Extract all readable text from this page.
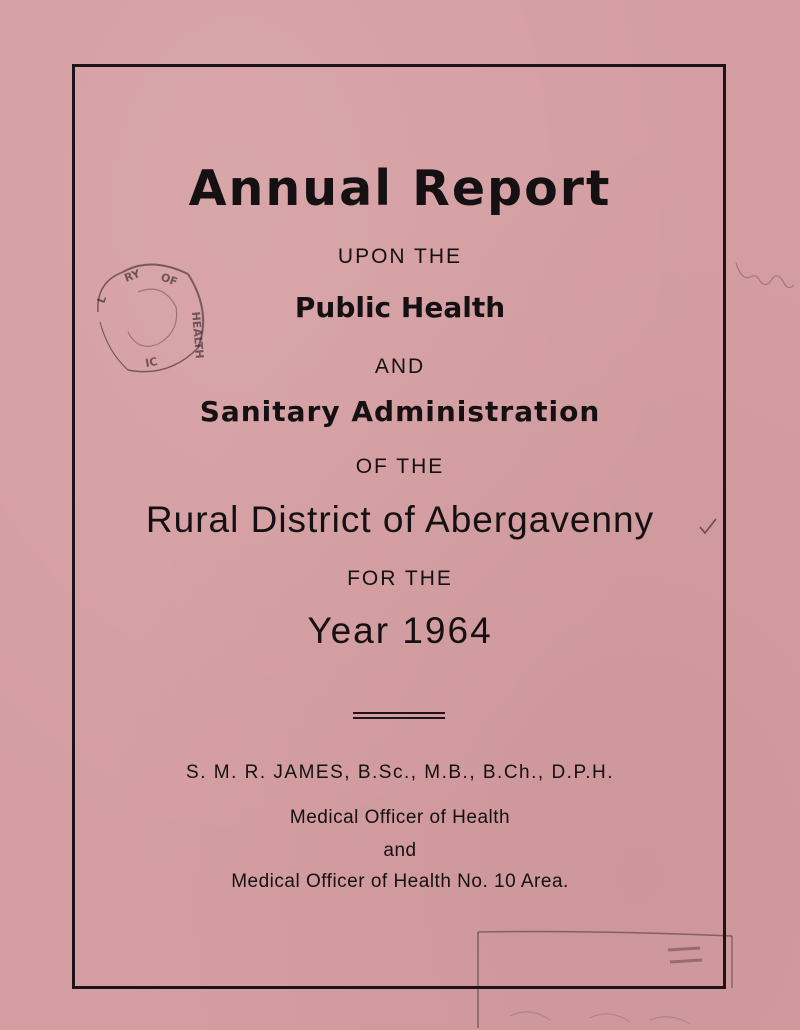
Annual Report
UPON THE
Public Health
AND
Sanitary Administration
OF THE
Rural District of Abergavenny
FOR THE
Year 1964
S. M. R. JAMES, B.Sc., M.B., B.Ch., D.P.H.
Medical Officer of Health
and
Medical Officer of Health No. 10 Area.
RY OF
HEALTH
L
IC
